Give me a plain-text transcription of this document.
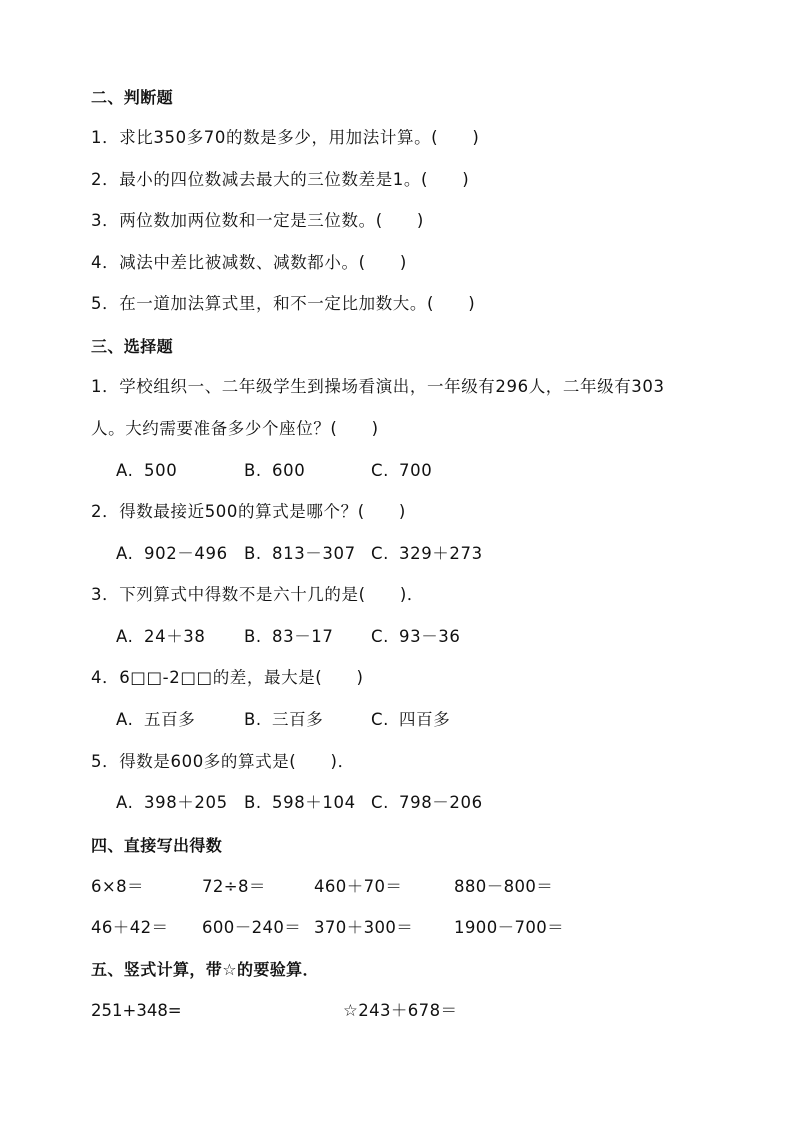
二、判断题
1．求比350多70的数是多少，用加法计算。(　　)
2．最小的四位数减去最大的三位数差是1。(　　)
3．两位数加两位数和一定是三位数。(　　)
4．减法中差比被减数、减数都小。(　　)
5．在一道加法算式里，和不一定比加数大。(　　)
三、选择题
1．学校组织一、二年级学生到操场看演出，一年级有296人，二年级有303
人。大约需要准备多少个座位？(　　)
A. 500	B. 600	C. 700
2．得数最接近500的算式是哪个？(　　)
A. 902－496 B. 813－307 C. 329＋273
3．下列算式中得数不是六十几的是(　　)．
A. 24＋38 B. 83－17 C. 93－36
4．6□□-2□□的差，最大是(　　)
A. 五百多	B. 三百多	C. 四百多
5．得数是600多的算式是(　　)．
A. 398＋205 B. 598＋104 C. 798－206
四、直接写出得数
6×8＝	72÷8＝	460＋70＝	880－800＝
46＋42＝ 600－240＝ 370＋300＝ 1900－700＝
五、竖式计算，带☆的要验算．
251+348=	☆243＋678＝
